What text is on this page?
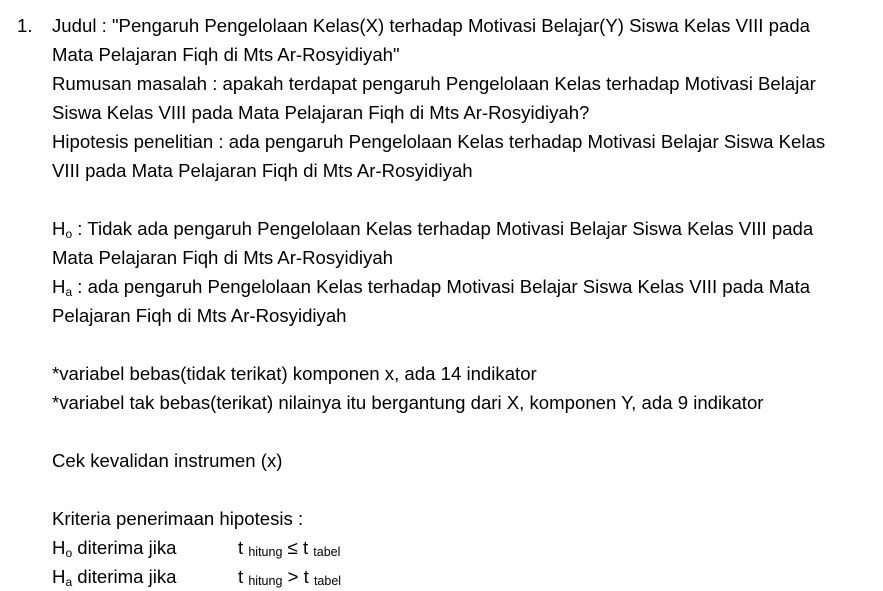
1. Judul : "Pengaruh Pengelolaan Kelas(X) terhadap Motivasi Belajar(Y) Siswa Kelas VIII pada
Mata Pelajaran Fiqh di Mts Ar-Rosyidiyah"
Rumusan masalah : apakah terdapat pengaruh Pengelolaan Kelas terhadap Motivasi Belajar
Siswa Kelas VIII pada Mata Pelajaran Fiqh di Mts Ar-Rosyidiyah?
Hipotesis penelitian : ada pengaruh Pengelolaan Kelas terhadap Motivasi Belajar Siswa Kelas
VIII pada Mata Pelajaran Fiqh di Mts Ar-Rosyidiyah
$H_o$ : Tidak ada pengaruh Pengelolaan Kelas terhadap Motivasi Belajar Siswa Kelas VIII pada
Mata Pelajaran Fiqh di Mts Ar-Rosyidiyah
$H_a$ : ada pengaruh Pengelolaan Kelas terhadap Motivasi Belajar Siswa Kelas VIII pada Mata
Pelajaran Fiqh di Mts Ar-Rosyidiyah
*variabel bebas(tidak terikat) komponen x, ada 14 indikator
*variabel tak bebas(terikat) nilainya itu bergantung dari X, komponen Y, ada 9 indikator
Cek kevalidan instrumen (x)
Kriteria penerimaan hipotesis :
$H_o$ diterima jika	t hitung ≤ t tabel
$H_a$ diterima jika	t hitung > t tabel
